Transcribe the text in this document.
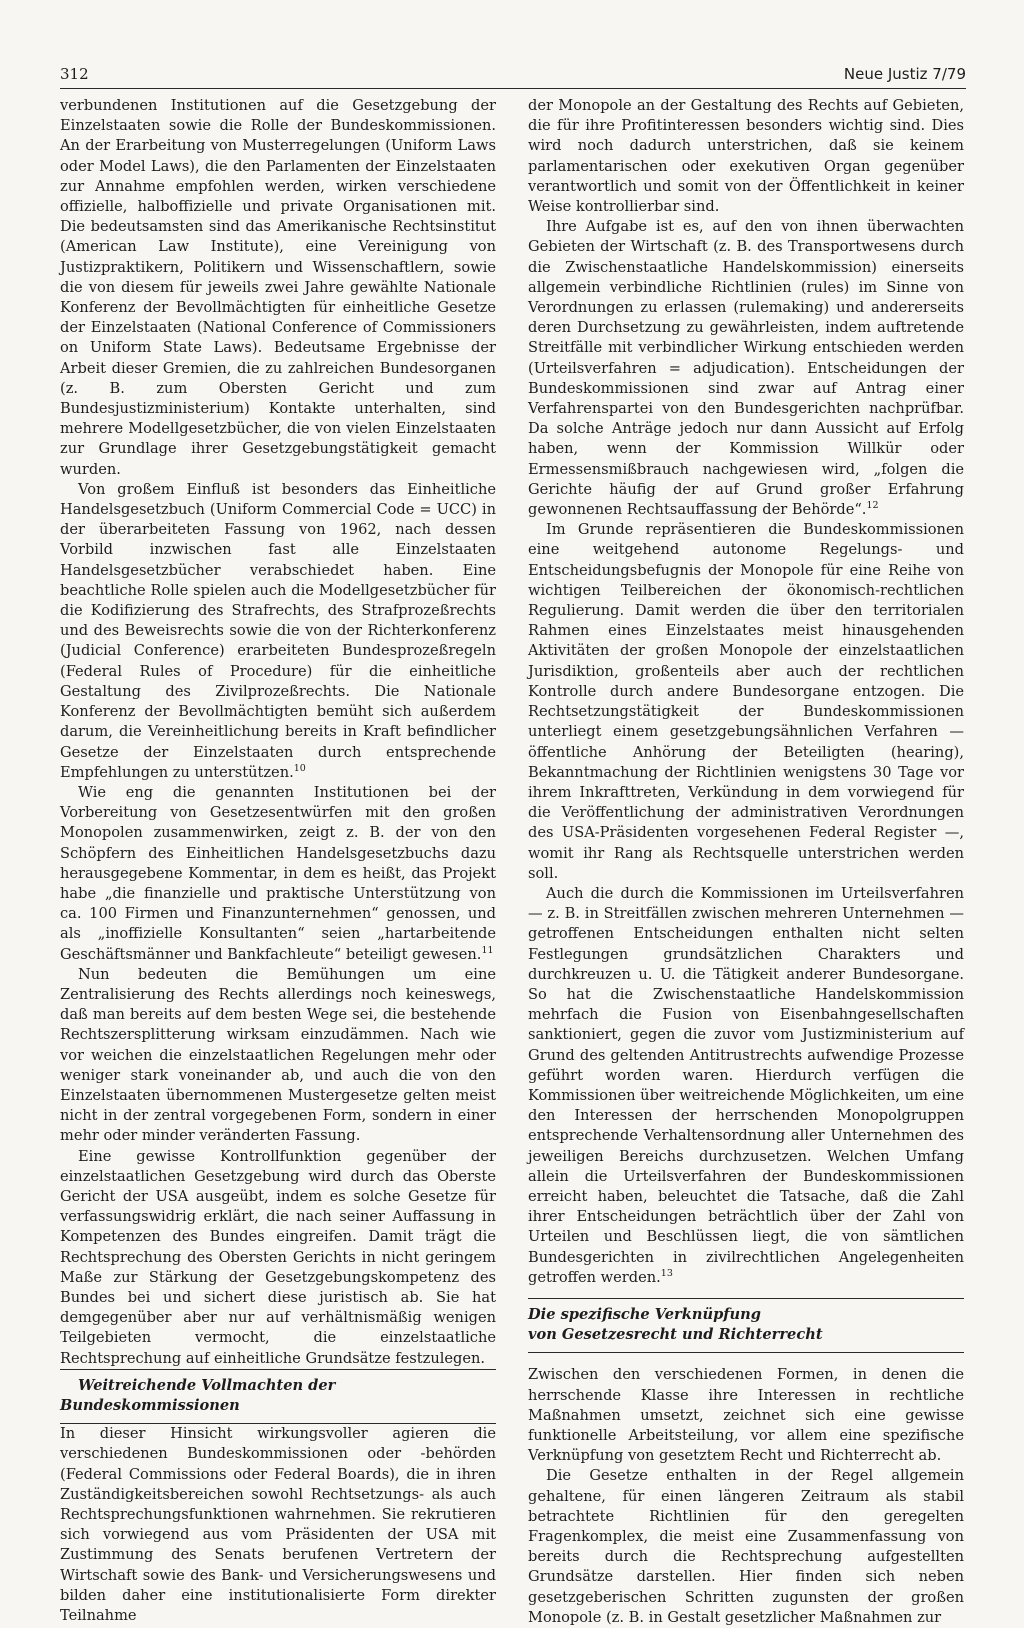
312	Neue Justiz 7/79

verbundenen Institutionen auf die Gesetzgebung der Einzelstaaten sowie die Rolle der Bundeskommissionen. An der Erarbeitung von Musterregelungen (Uniform Laws oder Model Laws), die den Parlamenten der Einzelstaaten zur Annahme empfohlen werden, wirken verschiedene offizielle, halboffizielle und private Organisationen mit. Die bedeutsamsten sind das Amerikanische Rechtsinstitut (American Law Institute), eine Vereinigung von Justizpraktikern, Politikern und Wissenschaftlern, sowie die von diesem für jeweils zwei Jahre gewählte Nationale Konferenz der Bevollmächtigten für einheitliche Gesetze der Einzelstaaten (National Conference of Commissioners on Uniform State Laws). Bedeutsame Ergebnisse der Arbeit dieser Gremien, die zu zahlreichen Bundesorganen (z. B. zum Obersten Gericht und zum Bundesjustizministerium) Kontakte unterhalten, sind mehrere Modellgesetzbücher, die von vielen Einzelstaaten zur Grundlage ihrer Gesetzgebungstätigkeit gemacht wurden.

Von großem Einfluß ist besonders das Einheitliche Handelsgesetzbuch (Uniform Commercial Code = UCC) in der überarbeiteten Fassung von 1962, nach dessen Vorbild inzwischen fast alle Einzelstaaten Handelsgesetzbücher verabschiedet haben. Eine beachtliche Rolle spielen auch die Modellgesetzbücher für die Kodifizierung des Strafrechts, des Strafprozeßrechts und des Beweisrechts sowie die von der Richterkonferenz (Judicial Conference) erarbeiteten Bundesprozeßregeln (Federal Rules of Procedure) für die einheitliche Gestaltung des Zivilprozeßrechts. Die Nationale Konferenz der Bevollmächtigten bemüht sich außerdem darum, die Vereinheitlichung bereits in Kraft befindlicher Gesetze der Einzelstaaten durch entsprechende Empfehlungen zu unterstützen.$^{10}$

Wie eng die genannten Institutionen bei der Vorbereitung von Gesetzesentwürfen mit den großen Monopolen zusammenwirken, zeigt z. B. der von den Schöpfern des Einheitlichen Handelsgesetzbuchs dazu herausgegebene Kommentar, in dem es heißt, das Projekt habe „die finanzielle und praktische Unterstützung von ca. 100 Firmen und Finanzunternehmen“ genossen, und als „inoffizielle Konsultanten“ seien „hartarbeitende Geschäftsmänner und Bankfachleute“ beteiligt gewesen.$^{11}$

Nun bedeuten die Bemühungen um eine Zentralisierung des Rechts allerdings noch keineswegs, daß man bereits auf dem besten Wege sei, die bestehende Rechtszersplitterung wirksam einzudämmen. Nach wie vor weichen die einzelstaatlichen Regelungen mehr oder weniger stark voneinander ab, und auch die von den Einzelstaaten übernommenen Mustergesetze gelten meist nicht in der zentral vorgegebenen Form, sondern in einer mehr oder minder veränderten Fassung.

Eine gewisse Kontrollfunktion gegenüber der einzelstaatlichen Gesetzgebung wird durch das Oberste Gericht der USA ausgeübt, indem es solche Gesetze für verfassungswidrig erklärt, die nach seiner Auffassung in Kompetenzen des Bundes eingreifen. Damit trägt die Rechtsprechung des Obersten Gerichts in nicht geringem Maße zur Stärkung der Gesetzgebungskompetenz des Bundes bei und sichert diese juristisch ab. Sie hat demgegenüber aber nur auf verhältnismäßig wenigen Teilgebieten vermocht, die einzelstaatliche Rechtsprechung auf einheitliche Grundsätze festzulegen.

Weitreichende Vollmachten der Bundeskommissionen

In dieser Hinsicht wirkungsvoller agieren die verschiedenen Bundeskommissionen oder -behörden (Federal Commissions oder Federal Boards), die in ihren Zuständigkeitsbereichen sowohl Rechtsetzungs- als auch Rechtsprechungsfunktionen wahrnehmen. Sie rekrutieren sich vorwiegend aus vom Präsidenten der USA mit Zustimmung des Senats berufenen Vertretern der Wirtschaft sowie des Bank- und Versicherungswesens und bilden daher eine institutionalisierte Form direkter Teilnahme

der Monopole an der Gestaltung des Rechts auf Gebieten, die für ihre Profitinteressen besonders wichtig sind. Dies wird noch dadurch unterstrichen, daß sie keinem parlamentarischen oder exekutiven Organ gegenüber verantwortlich und somit von der Öffentlichkeit in keiner Weise kontrollierbar sind.

Ihre Aufgabe ist es, auf den von ihnen überwachten Gebieten der Wirtschaft (z. B. des Transportwesens durch die Zwischenstaatliche Handelskommission) einerseits allgemein verbindliche Richtlinien (rules) im Sinne von Verordnungen zu erlassen (rulemaking) und andererseits deren Durchsetzung zu gewährleisten, indem auftretende Streitfälle mit verbindlicher Wirkung entschieden werden (Urteilsverfahren = adjudication). Entscheidungen der Bundeskommissionen sind zwar auf Antrag einer Verfahrenspartei von den Bundesgerichten nachprüfbar. Da solche Anträge jedoch nur dann Aussicht auf Erfolg haben, wenn der Kommission Willkür oder Ermessensmißbrauch nachgewiesen wird, „folgen die Gerichte häufig der auf Grund großer Erfahrung gewonnenen Rechtsauffassung der Behörde“.$^{12}$

Im Grunde repräsentieren die Bundeskommissionen eine weitgehend autonome Regelungs- und Entscheidungsbefugnis der Monopole für eine Reihe von wichtigen Teilbereichen der ökonomisch-rechtlichen Regulierung. Damit werden die über den territorialen Rahmen eines Einzelstaates meist hinausgehenden Aktivitäten der großen Monopole der einzelstaatlichen Jurisdiktion, großenteils aber auch der rechtlichen Kontrolle durch andere Bundesorgane entzogen. Die Rechtsetzungstätigkeit der Bundeskommissionen unterliegt einem gesetzgebungsähnlichen Verfahren — öffentliche Anhörung der Beteiligten (hearing), Bekanntmachung der Richtlinien wenigstens 30 Tage vor ihrem Inkrafttreten, Verkündung in dem vorwiegend für die Veröffentlichung der administrativen Verordnungen des USA-Präsidenten vorgesehenen Federal Register —, womit ihr Rang als Rechtsquelle unterstrichen werden soll.

Auch die durch die Kommissionen im Urteilsverfahren — z. B. in Streitfällen zwischen mehreren Unternehmen — getroffenen Entscheidungen enthalten nicht selten Festlegungen grundsätzlichen Charakters und durchkreuzen u. U. die Tätigkeit anderer Bundesorgane. So hat die Zwischenstaatliche Handelskommission mehrfach die Fusion von Eisenbahngesellschaften sanktioniert, gegen die zuvor vom Justizministerium auf Grund des geltenden Antitrustrechts aufwendige Prozesse geführt worden waren. Hierdurch verfügen die Kommissionen über weitreichende Möglichkeiten, um eine den Interessen der herrschenden Monopolgruppen entsprechende Verhaltensordnung aller Unternehmen des jeweiligen Bereichs durchzusetzen. Welchen Umfang allein die Urteilsverfahren der Bundeskommissionen erreicht haben, beleuchtet die Tatsache, daß die Zahl ihrer Entscheidungen beträchtlich über der Zahl von Urteilen und Beschlüssen liegt, die von sämtlichen Bundesgerichten in zivilrechtlichen Angelegenheiten getroffen werden.$^{13}$

Die spezifische Verknüpfung
von Gesetzesrecht und Richterrecht

Zwischen den verschiedenen Formen, in denen die herrschende Klasse ihre Interessen in rechtliche Maßnahmen umsetzt, zeichnet sich eine gewisse funktionelle Arbeitsteilung, vor allem eine spezifische Verknüpfung von gesetztem Recht und Richterrecht ab.

Die Gesetze enthalten in der Regel allgemein gehaltene, für einen längeren Zeitraum als stabil betrachtete Richtlinien für den geregelten Fragenkomplex, die meist eine Zusammenfassung von bereits durch die Rechtsprechung aufgestellten Grundsätze darstellen. Hier finden sich neben gesetzgeberischen Schritten zugunsten der großen Monopole (z. B. in Gestalt gesetzlicher Maßnahmen zur
